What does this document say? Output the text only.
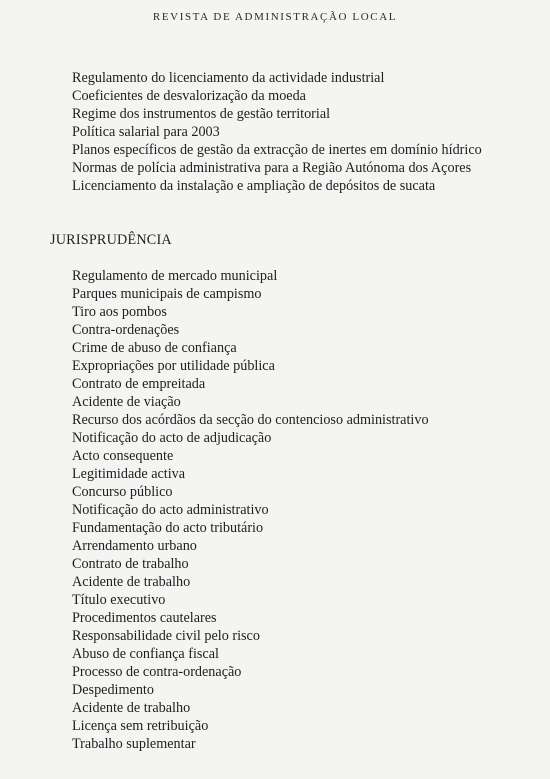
REVISTA DE ADMINISTRAÇÃO LOCAL
Regulamento do licenciamento da actividade industrial
Coeficientes de desvalorização da moeda
Regime dos instrumentos de gestão territorial
Política salarial para 2003
Planos específicos de gestão da extracção de inertes em domínio hídrico
Normas de polícia administrativa para a Região Autónoma dos Açores
Licenciamento da instalação e ampliação de depósitos de sucata
JURISPRUDÊNCIA
Regulamento de mercado municipal
Parques municipais de campismo
Tiro aos pombos
Contra-ordenações
Crime de abuso de confiança
Expropriações por utilidade pública
Contrato de empreitada
Acidente de viação
Recurso dos acórdãos da secção do contencioso administrativo
Notificação do acto de adjudicação
Acto consequente
Legitimidade activa
Concurso público
Notificação do acto administrativo
Fundamentação do acto tributário
Arrendamento urbano
Contrato de trabalho
Acidente de trabalho
Título executivo
Procedimentos cautelares
Responsabilidade civil pelo risco
Abuso de confiança fiscal
Processo de contra-ordenação
Despedimento
Acidente de trabalho
Licença sem retribuição
Trabalho suplementar
